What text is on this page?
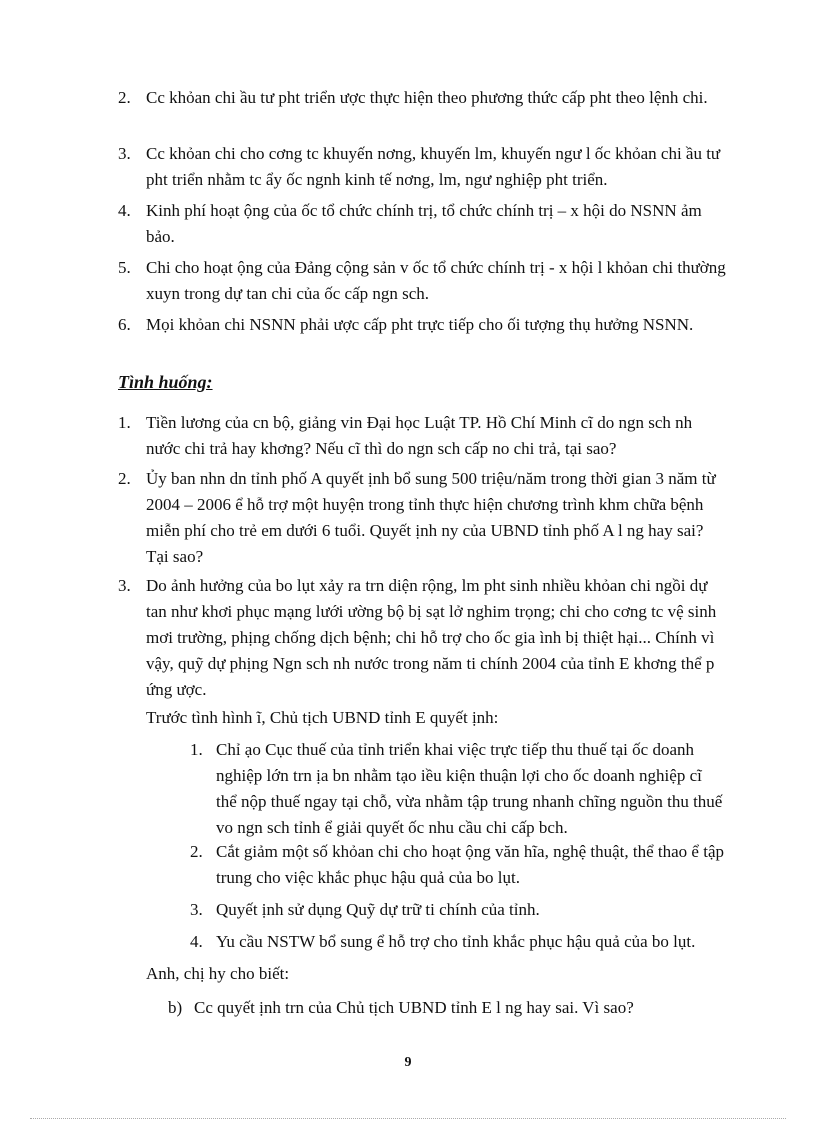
2. Cc khỏan chi ầu tư pht triển ược thực hiện theo phương thức cấp pht theo lệnh chi.
3. Cc khỏan chi cho cơng tc khuyến nơng, khuyến lm, khuyến ngư l ốc khỏan chi ầu tư pht triển nhằm tc ẩy ốc ngnh kinh tế nơng, lm, ngư nghiệp pht triển.
4. Kinh phí hoạt ộng của ốc tổ chức chính trị, tổ chức chính trị – x hội do NSNN ảm bảo.
5. Chi cho hoạt ộng của Đảng cộng sản v ốc tổ chức chính trị - x hội l khỏan chi thường xuyn trong dự tan chi của ốc cấp ngn sch.
6. Mọi khỏan chi NSNN phải ược cấp pht trực tiếp cho ối tượng thụ hưởng NSNN.
Tình huống:
1. Tiền lương của cn bộ, giảng vin Đại học Luật TP. Hồ Chí Minh cĩ do ngn sch nh nước chi trả hay khơng? Nếu cĩ thì do ngn sch cấp no chi trả, tại sao?
2. Ủy ban nhn dn tỉnh phố A quyết ịnh bổ sung 500 triệu/năm trong thời gian 3 năm từ 2004 – 2006 ể hỗ trợ một huyện trong tỉnh thực hiện chương trình khm chữa bệnh miễn phí cho trẻ em dưới 6 tuổi. Quyết ịnh ny của UBND tỉnh phố A l ng hay sai? Tại sao?
3. Do ảnh hưởng của bo lụt xảy ra trn diện rộng, lm pht sinh nhiều khỏan chi ngồi dự tan như khơi phục mạng lưới ường bộ bị sạt lở nghim trọng; chi cho cơng tc vệ sinh mơi trường, phịng chống dịch bệnh; chi hỗ trợ cho ốc gia ình bị thiệt hại... Chính vì vậy, quỹ dự phịng Ngn sch nh nước trong năm ti chính 2004 của tỉnh E khơng thể p ứng ược.
Trước tình hình ĩ, Chủ tịch UBND tỉnh E quyết ịnh:
1. Chỉ ạo Cục thuế của tỉnh triển khai việc trực tiếp thu thuế tại ốc doanh nghiệp lớn trn ịa bn nhằm tạo iều kiện thuận lợi cho ốc doanh nghiệp cĩ thể nộp thuế ngay tại chỗ, vừa nhằm tập trung nhanh chĩng nguồn thu thuế vo ngn sch tỉnh ể giải quyết ốc nhu cầu chi cấp bch.
2. Cắt giảm một số khỏan chi cho hoạt ộng văn hĩa, nghệ thuật, thể thao ể tập trung cho việc khắc phục hậu quả của bo lụt.
3. Quyết ịnh sử dụng Quỹ dự trữ ti chính của tỉnh.
4. Yu cầu NSTW bổ sung ể hỗ trợ cho tỉnh khắc phục hậu quả của bo lụt.
Anh, chị hy cho biết:
b) Cc quyết ịnh trn của Chủ tịch UBND tỉnh E l ng hay sai. Vì sao?
9
